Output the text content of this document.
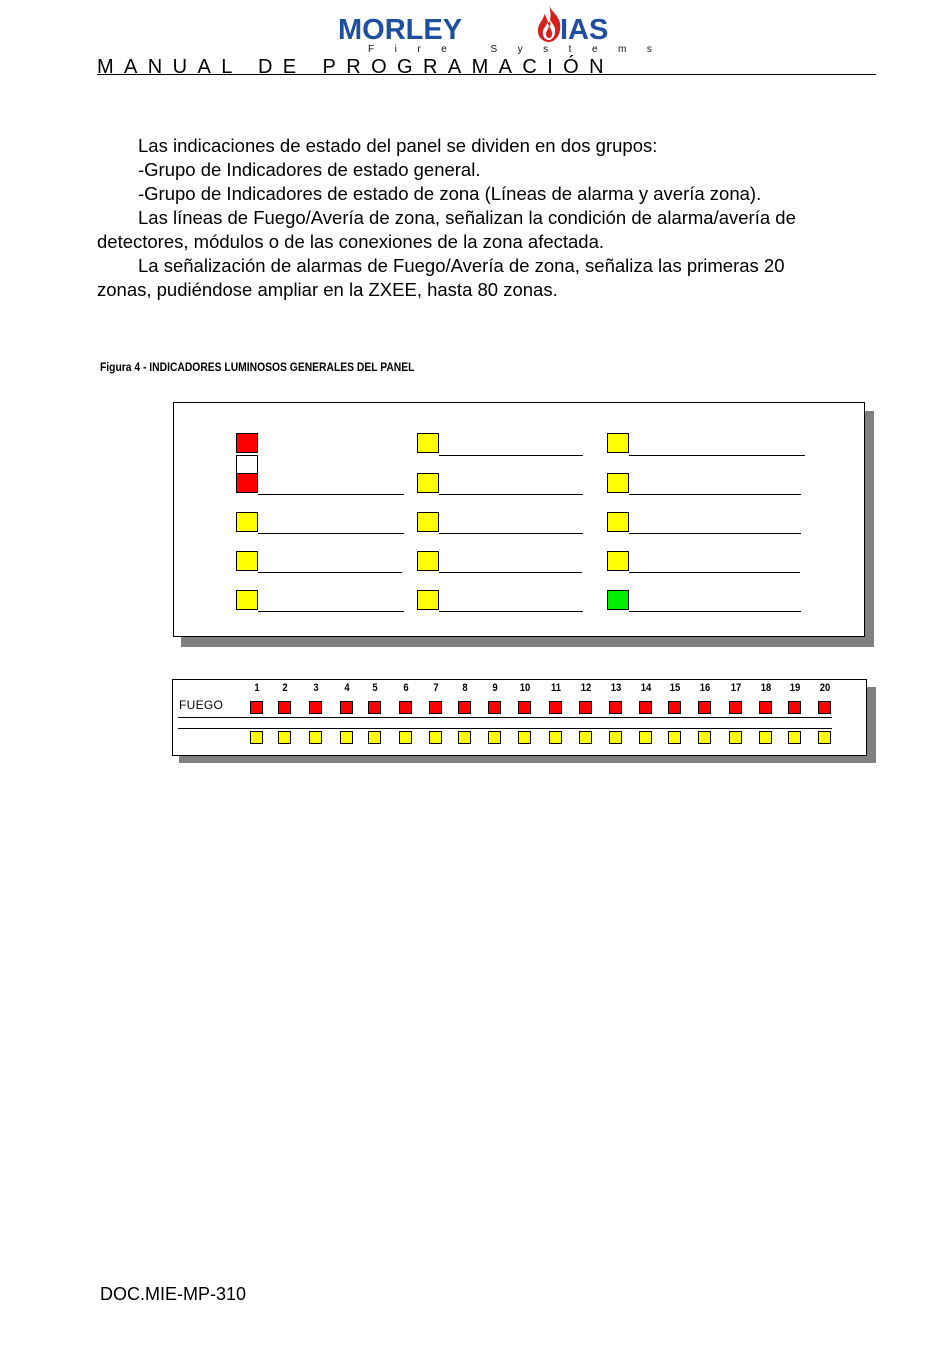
MORLEY	IAS
Fire Systems
MANUAL DE PROGRAMACIÓN
Las indicaciones de estado del panel se dividen en dos grupos:
-Grupo de Indicadores de estado general.
-Grupo de Indicadores de estado de zona (Líneas de alarma y avería zona).
Las líneas de Fuego/Avería de zona, señalizan la condición de alarma/avería de
detectores, módulos o de las conexiones de la zona afectada.
La señalización de alarmas de Fuego/Avería de zona, señaliza las primeras 20
zonas, pudiéndose ampliar en la ZXEE, hasta 80 zonas.
Figura 4 - INDICADORES LUMINOSOS GENERALES DEL PANEL
FUEGO
1	2	3	4	5	6	7	8	9	10	11	12	13	14	15	16	17	18	19	20
DOC.MIE-MP-310
